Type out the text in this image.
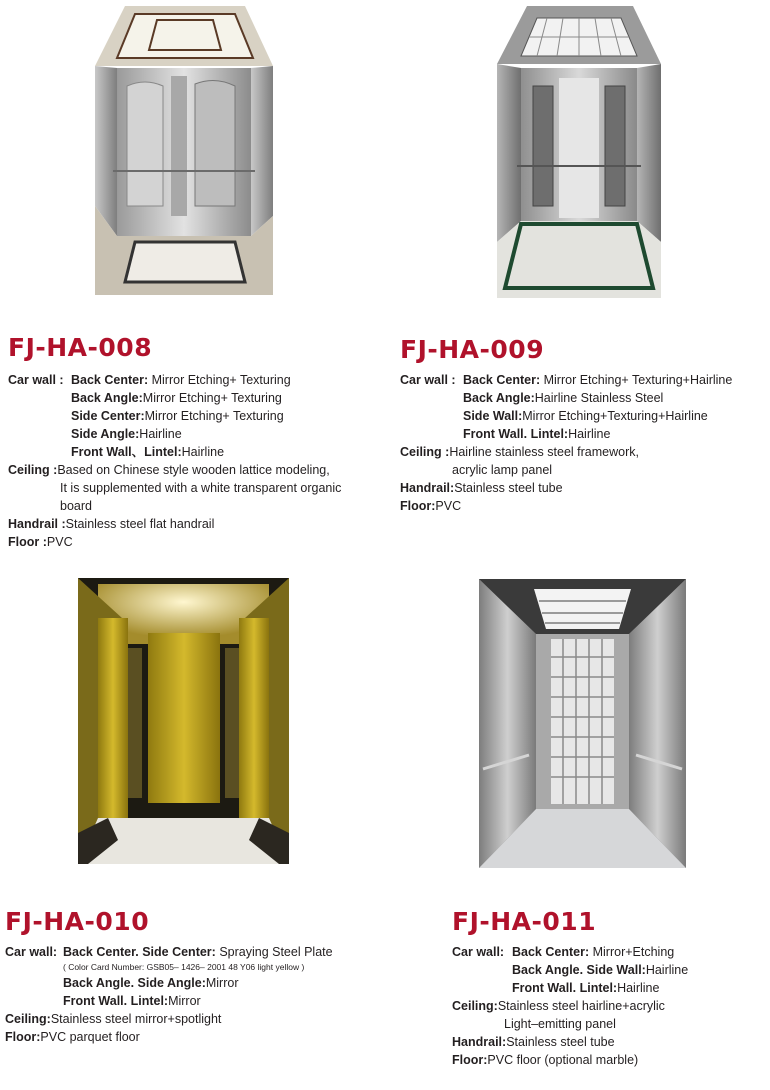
FJ-HA-008
Car wall : Back Center: Mirror Etching+ Texturing
Back Angle: Mirror Etching+ Texturing
Side Center: Mirror Etching+ Texturing
Side Angle: Hairline
Front Wall、Lintel: Hairline
Ceiling : Based on Chinese style wooden lattice modeling,
It is supplemented with a white transparent organic
board
Handrail : Stainless steel flat handrail
Floor : PVC
FJ-HA-009
Car wall : Back Center: Mirror Etching+ Texturing+Hairline
Back Angle: Hairline Stainless Steel
Side Wall: Mirror Etching+Texturing+Hairline
Front Wall. Lintel: Hairline
Ceiling : Hairline stainless steel framework,
acrylic lamp panel
Handrail: Stainless steel tube
Floor: PVC
FJ-HA-010
Car wall: Back Center. Side Center: Spraying Steel Plate
( Color Card Number: GSB05– 1426– 2001 48 Y06 light yellow )
Back Angle. Side Angle: Mirror
Front Wall. Lintel: Mirror
Ceiling: Stainless steel mirror+spotlight
Floor: PVC parquet floor
FJ-HA-011
Car wall: Back Center: Mirror+Etching
Back Angle. Side Wall: Hairline
Front Wall. Lintel: Hairline
Ceiling: Stainless steel hairline+acrylic
Light–emitting panel
Handrail: Stainless steel tube
Floor: PVC floor (optional marble)
